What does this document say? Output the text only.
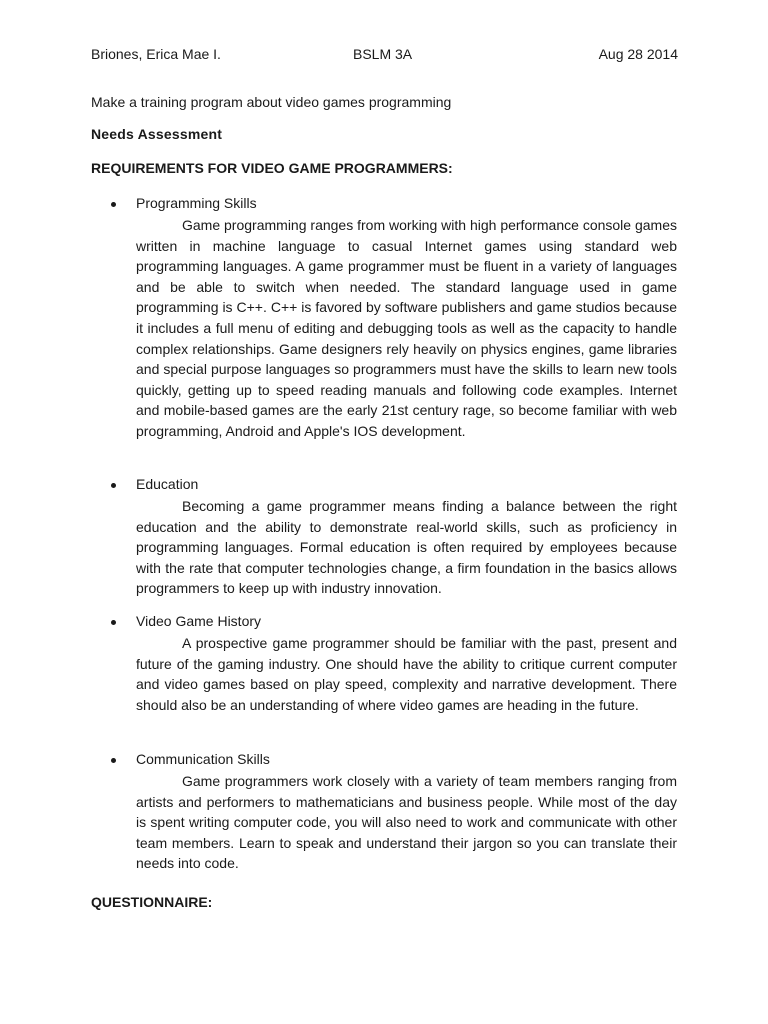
Briones, Erica Mae I.	BSLM 3A	Aug 28 2014
Make a training program about video games programming
Needs Assessment
REQUIREMENTS FOR VIDEO GAME PROGRAMMERS:
Programming Skills

Game programming ranges from working with high performance console games written in machine language to casual Internet games using standard web programming languages. A game programmer must be fluent in a variety of languages and be able to switch when needed. The standard language used in game programming is C++. C++ is favored by software publishers and game studios because it includes a full menu of editing and debugging tools as well as the capacity to handle complex relationships. Game designers rely heavily on physics engines, game libraries and special purpose languages so programmers must have the skills to learn new tools quickly, getting up to speed reading manuals and following code examples. Internet and mobile-based games are the early 21st century rage, so become familiar with web programming, Android and Apple's IOS development.

Education

Becoming a game programmer means finding a balance between the right education and the ability to demonstrate real-world skills, such as proficiency in programming languages. Formal education is often required by employees because with the rate that computer technologies change, a firm foundation in the basics allows programmers to keep up with industry innovation.

Video Game History

A prospective game programmer should be familiar with the past, present and future of the gaming industry. One should have the ability to critique current computer and video games based on play speed, complexity and narrative development. There should also be an understanding of where video games are heading in the future.

Communication Skills

Game programmers work closely with a variety of team members ranging from artists and performers to mathematicians and business people. While most of the day is spent writing computer code, you will also need to work and communicate with other team members. Learn to speak and understand their jargon so you can translate their needs into code.

QUESTIONNAIRE:
